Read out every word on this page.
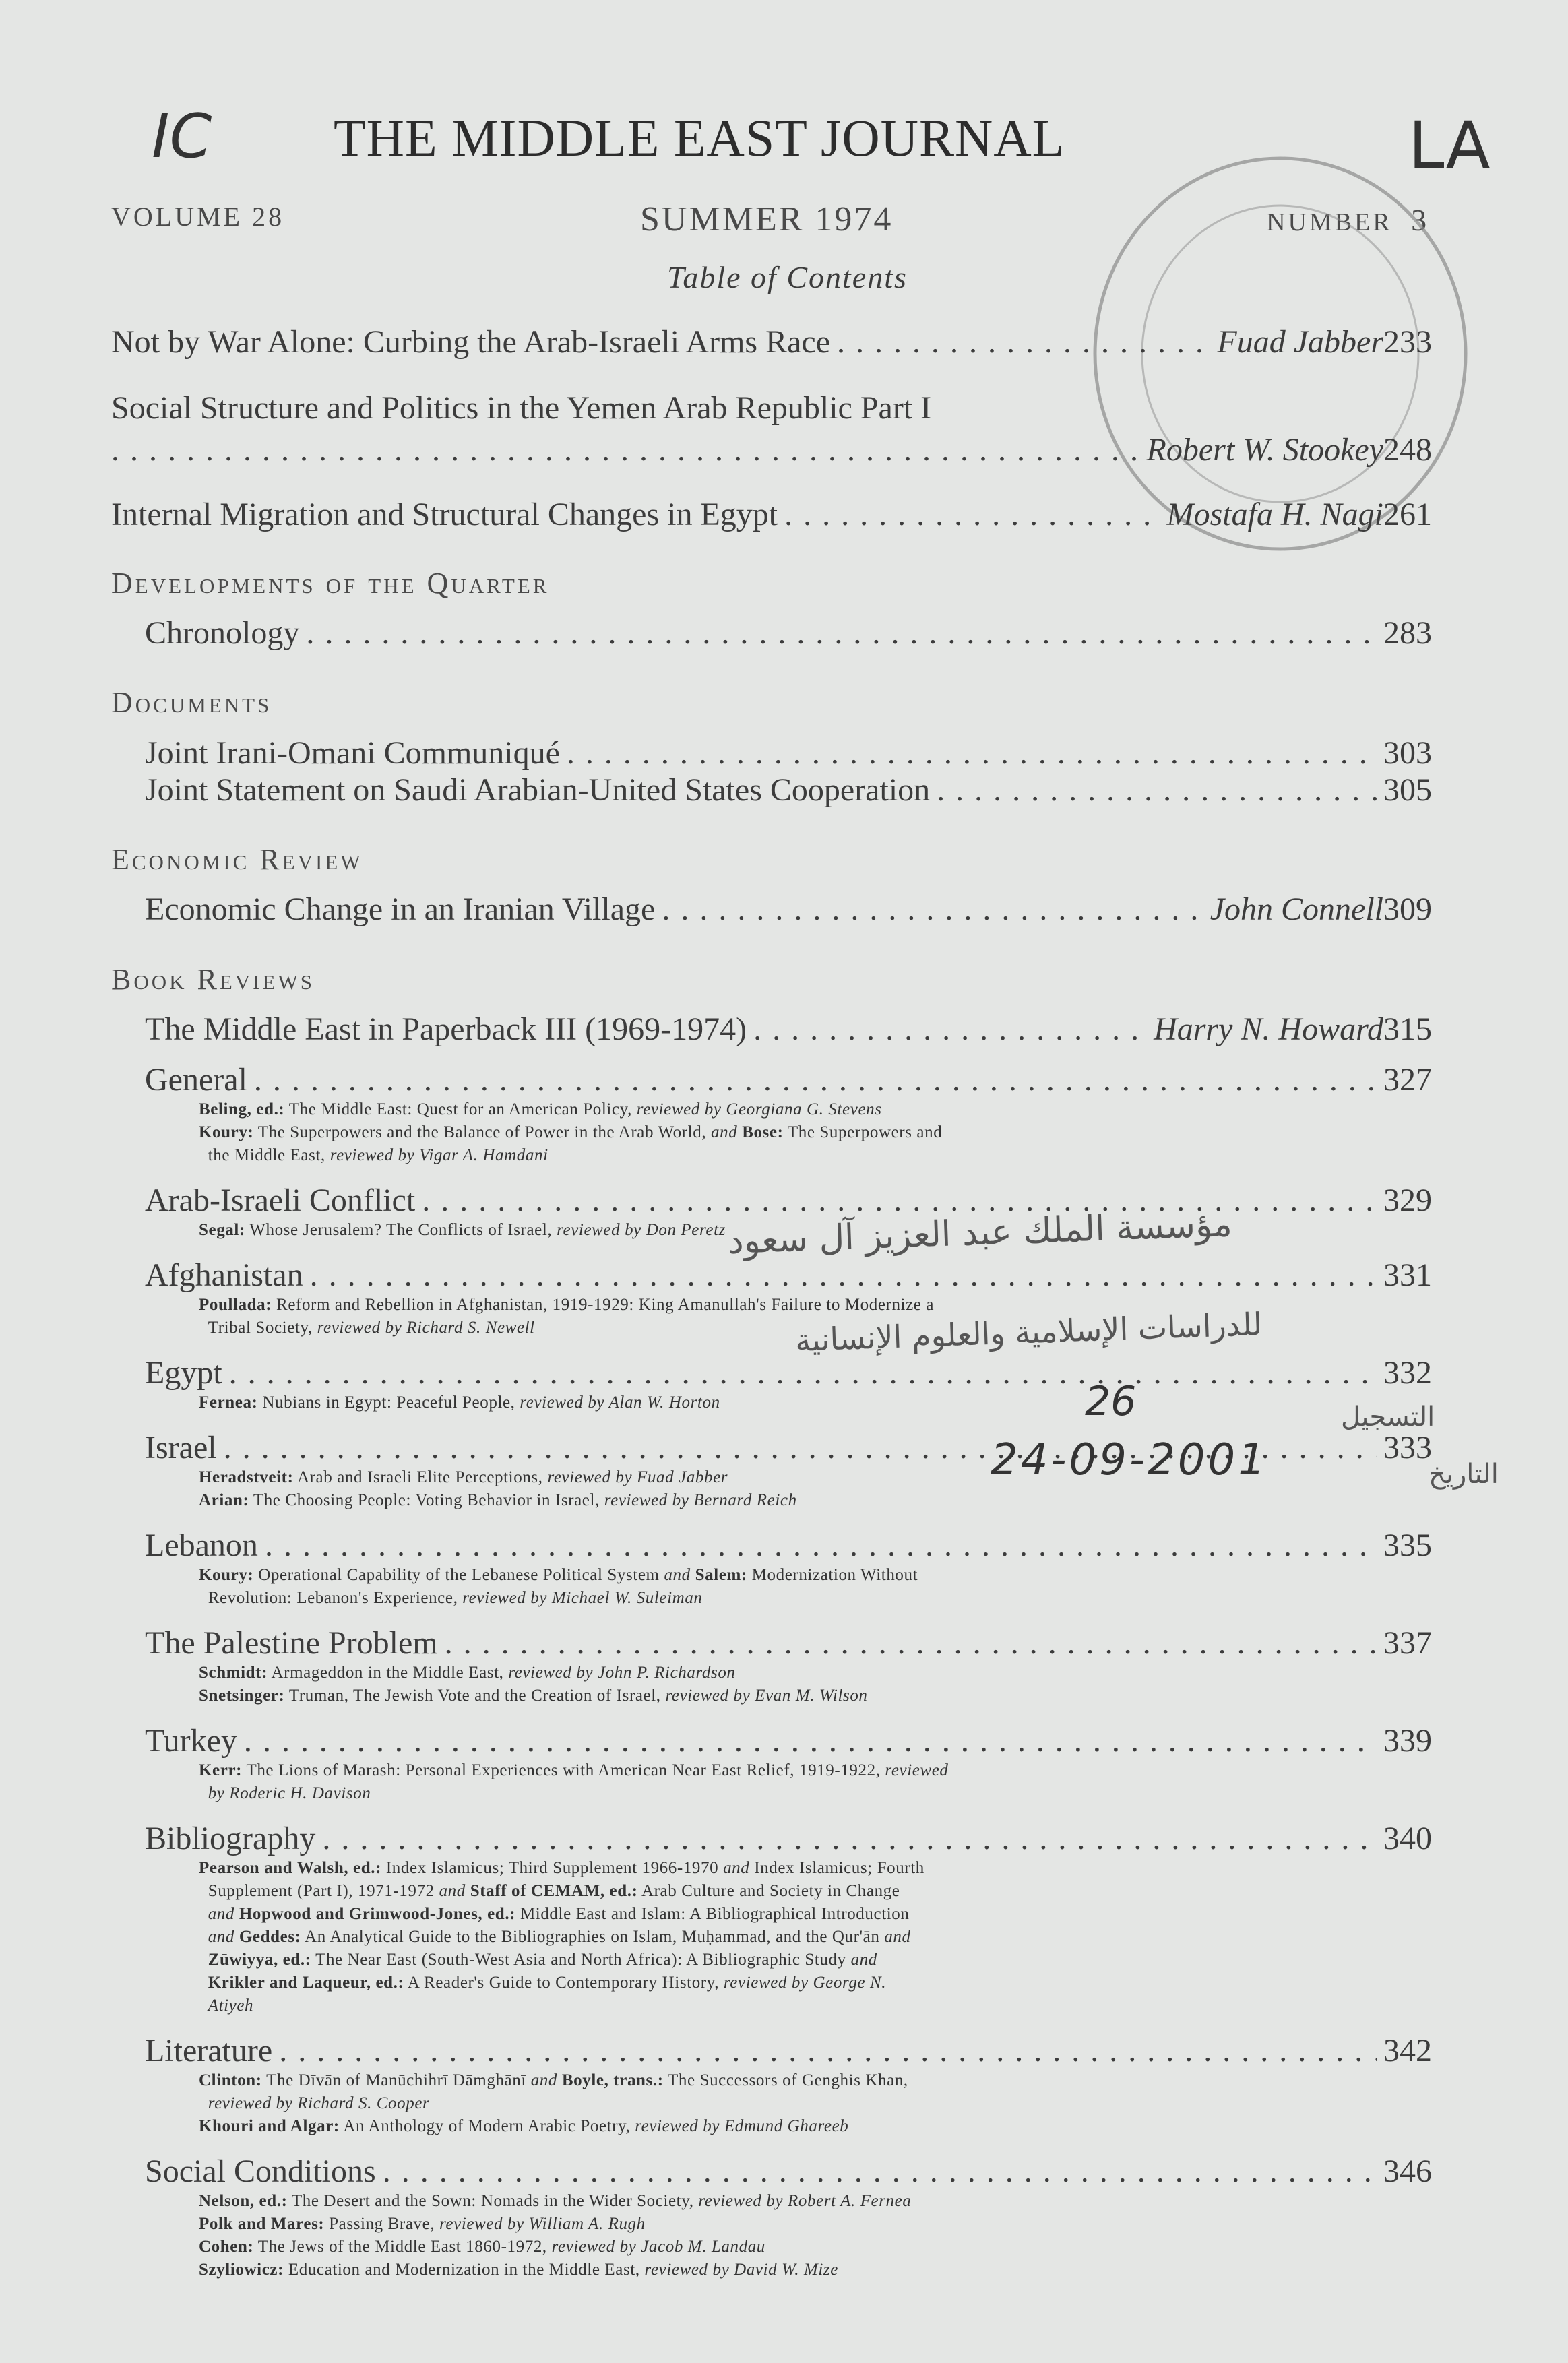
IC THE MIDDLE EAST JOURNAL	LA
VOLUME 28	SUMMER 1974	NUMBER 3
Table of Contents
Not by War Alone: Curbing the Arab-Israeli Arms Race . . .	Fuad Jabber 233
Social Structure and Politics in the Yemen Arab Republic Part I
. . .
Robert W. Stookey 248
Internal Migration and Structural Changes in Egypt . . .	Mostafa H. Nagi 261
Developments of the Quarter
Chronology . . .	283
Documents
Joint Irani-Omani Communiqué . . .	303
Joint Statement on Saudi Arabian-United States Cooperation . . .	305
Economic Review
Economic Change in an Iranian Village . . .	John Connell 309
Book Reviews
The Middle East in Paperback III (1969-1974) . . .	Harry N. Howard 315
General . . .	327
Beling, ed.: The Middle East: Quest for an American Policy, reviewed by Georgiana G. Stevens
Koury: The Superpowers and the Balance of Power in the Arab World, and Bose: The Superpowers and
the Middle East, reviewed by Vigar A. Hamdani
Arab-Israeli Conflict . . .	329
Segal: Whose Jerusalem? The Conflicts of Israel, reviewed by Don Peretz
Afghanistan . . .	331
Poullada: Reform and Rebellion in Afghanistan, 1919-1929: King Amanullah's Failure to Modernize a
Tribal Society, reviewed by Richard S. Newell
Egypt . . .	332
Fernea: Nubians in Egypt: Peaceful People, reviewed by Alan W. Horton
Israel . . .	333
Heradstveit: Arab and Israeli Elite Perceptions, reviewed by Fuad Jabber
Arian: The Choosing People: Voting Behavior in Israel, reviewed by Bernard Reich
Lebanon . . .	335
Koury: Operational Capability of the Lebanese Political System and Salem: Modernization Without
Revolution: Lebanon's Experience, reviewed by Michael W. Suleiman
The Palestine Problem . . .	337
Schmidt: Armageddon in the Middle East, reviewed by John P. Richardson
Snetsinger: Truman, The Jewish Vote and the Creation of Israel, reviewed by Evan M. Wilson
Turkey . . .	339
Kerr: The Lions of Marash: Personal Experiences with American Near East Relief, 1919-1922, reviewed
by Roderic H. Davison
Bibliography . . .	340
Pearson and Walsh, ed.: Index Islamicus; Third Supplement 1966-1970 and Index Islamicus; Fourth
Supplement (Part I), 1971-1972 and Staff of CEMAM, ed.: Arab Culture and Society in Change
and Hopwood and Grimwood-Jones, ed.: Middle East and Islam: A Bibliographical Introduction
and Geddes: An Analytical Guide to the Bibliographies on Islam, Muḥammad, and the Qur'ān and
Zūwiyya, ed.: The Near East (South-West Asia and North Africa): A Bibliographic Study and
Krikler and Laqueur, ed.: A Reader's Guide to Contemporary History, reviewed by George N.
Atiyeh
Literature . . .	342
Clinton: The Dīvān of Manūchihrī Dāmghānī and Boyle, trans.: The Successors of Genghis Khan,
reviewed by Richard S. Cooper
Khouri and Algar: An Anthology of Modern Arabic Poetry, reviewed by Edmund Ghareeb
Social Conditions . . .	346
Nelson, ed.: The Desert and the Sown: Nomads in the Wider Society, reviewed by Robert A. Fernea
Polk and Mares: Passing Brave, reviewed by William A. Rugh
Cohen: The Jews of the Middle East 1860-1972, reviewed by Jacob M. Landau
Szyliowicz: Education and Modernization in the Middle East, reviewed by David W. Mize
مؤسسة الملك عبد العزيز آل سعود
للدراسات الإسلامية والعلوم الإنسانية
التسجيل
26
التاريخ
24-09-2001
